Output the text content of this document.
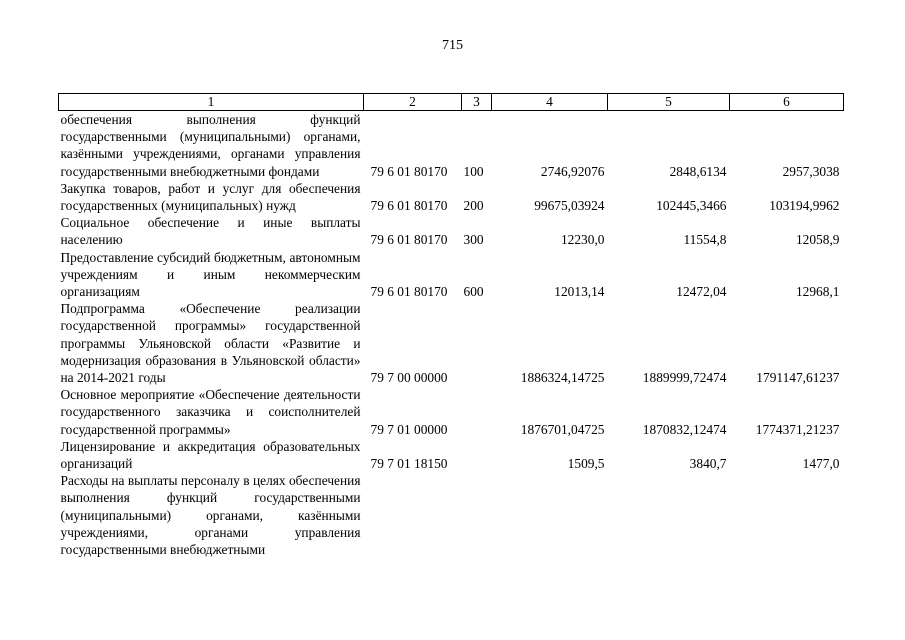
715
1	2	3	4	5	6
обеспечения выполнения функций государственными (муниципальными) органами, казёнными учреждениями, органами управления государственными внебюджетными фондами	79 6 01 80170	100	2746,92076	2848,6134	2957,3038
Закупка товаров, работ и услуг для обеспечения государственных (муниципальных) нужд	79 6 01 80170	200	99675,03924	102445,3466	103194,9962
Социальное обеспечение и иные выплаты населению	79 6 01 80170	300	12230,0	11554,8	12058,9
Предоставление субсидий бюджетным, автономным учреждениям и иным некоммерческим организациям	79 6 01 80170	600	12013,14	12472,04	12968,1
Подпрограмма «Обеспечение реализации государственной программы» государственной программы Ульяновской области «Развитие и модернизация образования в Ульяновской области» на 2014-2021 годы	79 7 00 00000		1886324,14725	1889999,72474	1791147,61237
Основное мероприятие «Обеспечение деятельности государственного заказчика и соисполнителей государственной программы»	79 7 01 00000		1876701,04725	1870832,12474	1774371,21237
Лицензирование и аккредитация образовательных организаций	79 7 01 18150		1509,5	3840,7	1477,0
Расходы на выплаты персоналу в целях обеспечения выполнения функций государственными (муниципальными) органами, казёнными учреждениями, органами управления государственными внебюджетными					
